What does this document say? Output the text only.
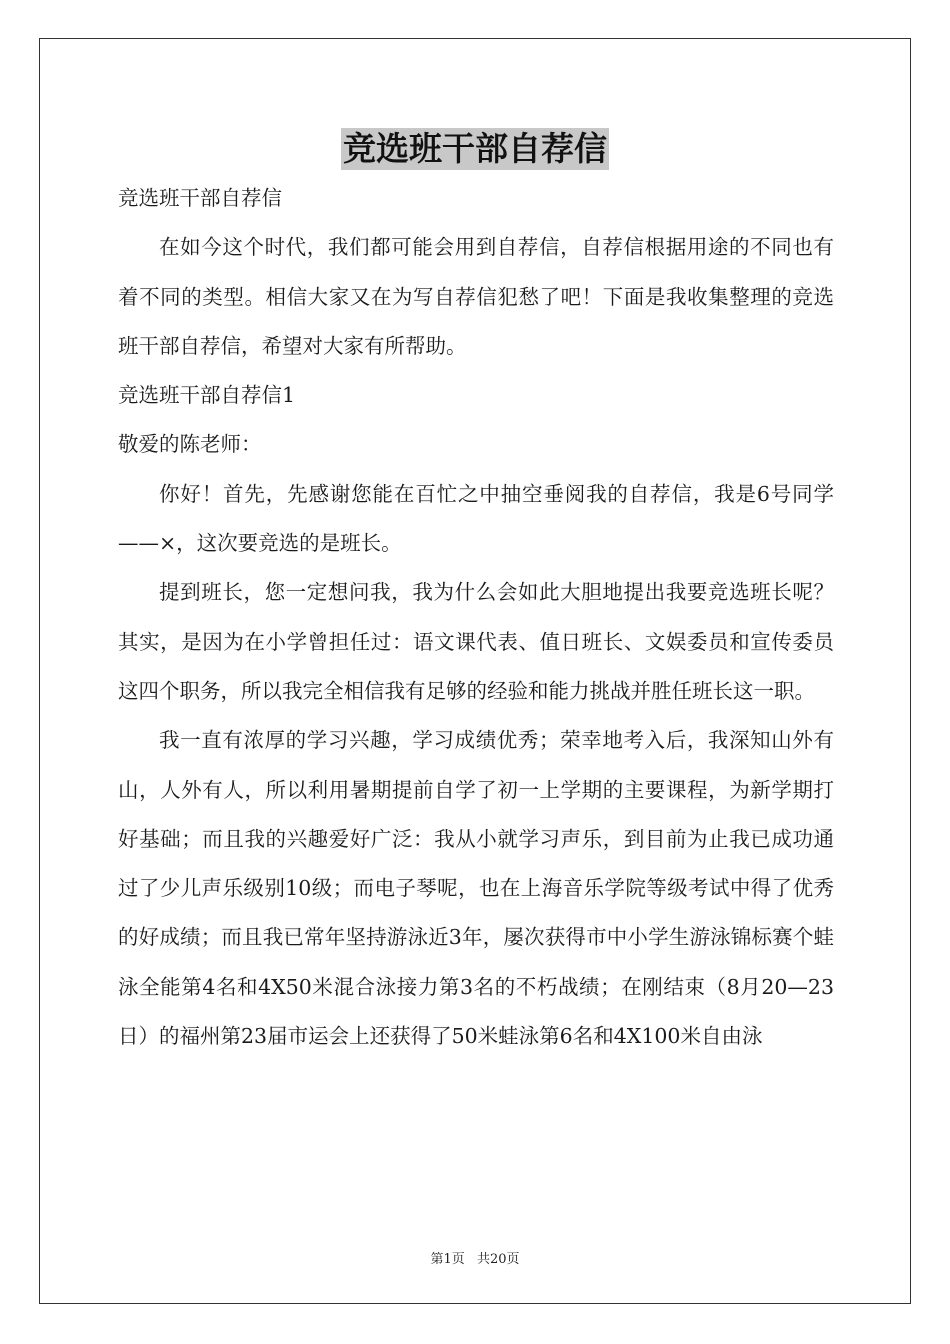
竞选班干部自荐信

竞选班干部自荐信

在如今这个时代，我们都可能会用到自荐信，自荐信根据用途的不同也有着不同的类型。相信大家又在为写自荐信犯愁了吧！下面是我收集整理的竞选班干部自荐信，希望对大家有所帮助。

竞选班干部自荐信1

敬爱的陈老师：

你好！首先，先感谢您能在百忙之中抽空垂阅我的自荐信，我是6号同学——×，这次要竞选的是班长。

提到班长，您一定想问我，我为什么会如此大胆地提出我要竞选班长呢？其实，是因为在小学曾担任过：语文课代表、值日班长、文娱委员和宣传委员这四个职务，所以我完全相信我有足够的经验和能力挑战并胜任班长这一职。

我一直有浓厚的学习兴趣，学习成绩优秀；荣幸地考入后，我深知山外有山，人外有人，所以利用暑期提前自学了初一上学期的主要课程，为新学期打好基础；而且我的兴趣爱好广泛：我从小就学习声乐，到目前为止我已成功通过了少儿声乐级别10级；而电子琴呢，也在上海音乐学院等级考试中得了优秀的好成绩；而且我已常年坚持游泳近3年，屡次获得市中小学生游泳锦标赛个蛙泳全能第4名和4X50米混合泳接力第3名的不朽战绩；在刚结束（8月20—23日）的福州第23届市运会上还获得了50米蛙泳第6名和4X100米自由泳

第1页 共20页
